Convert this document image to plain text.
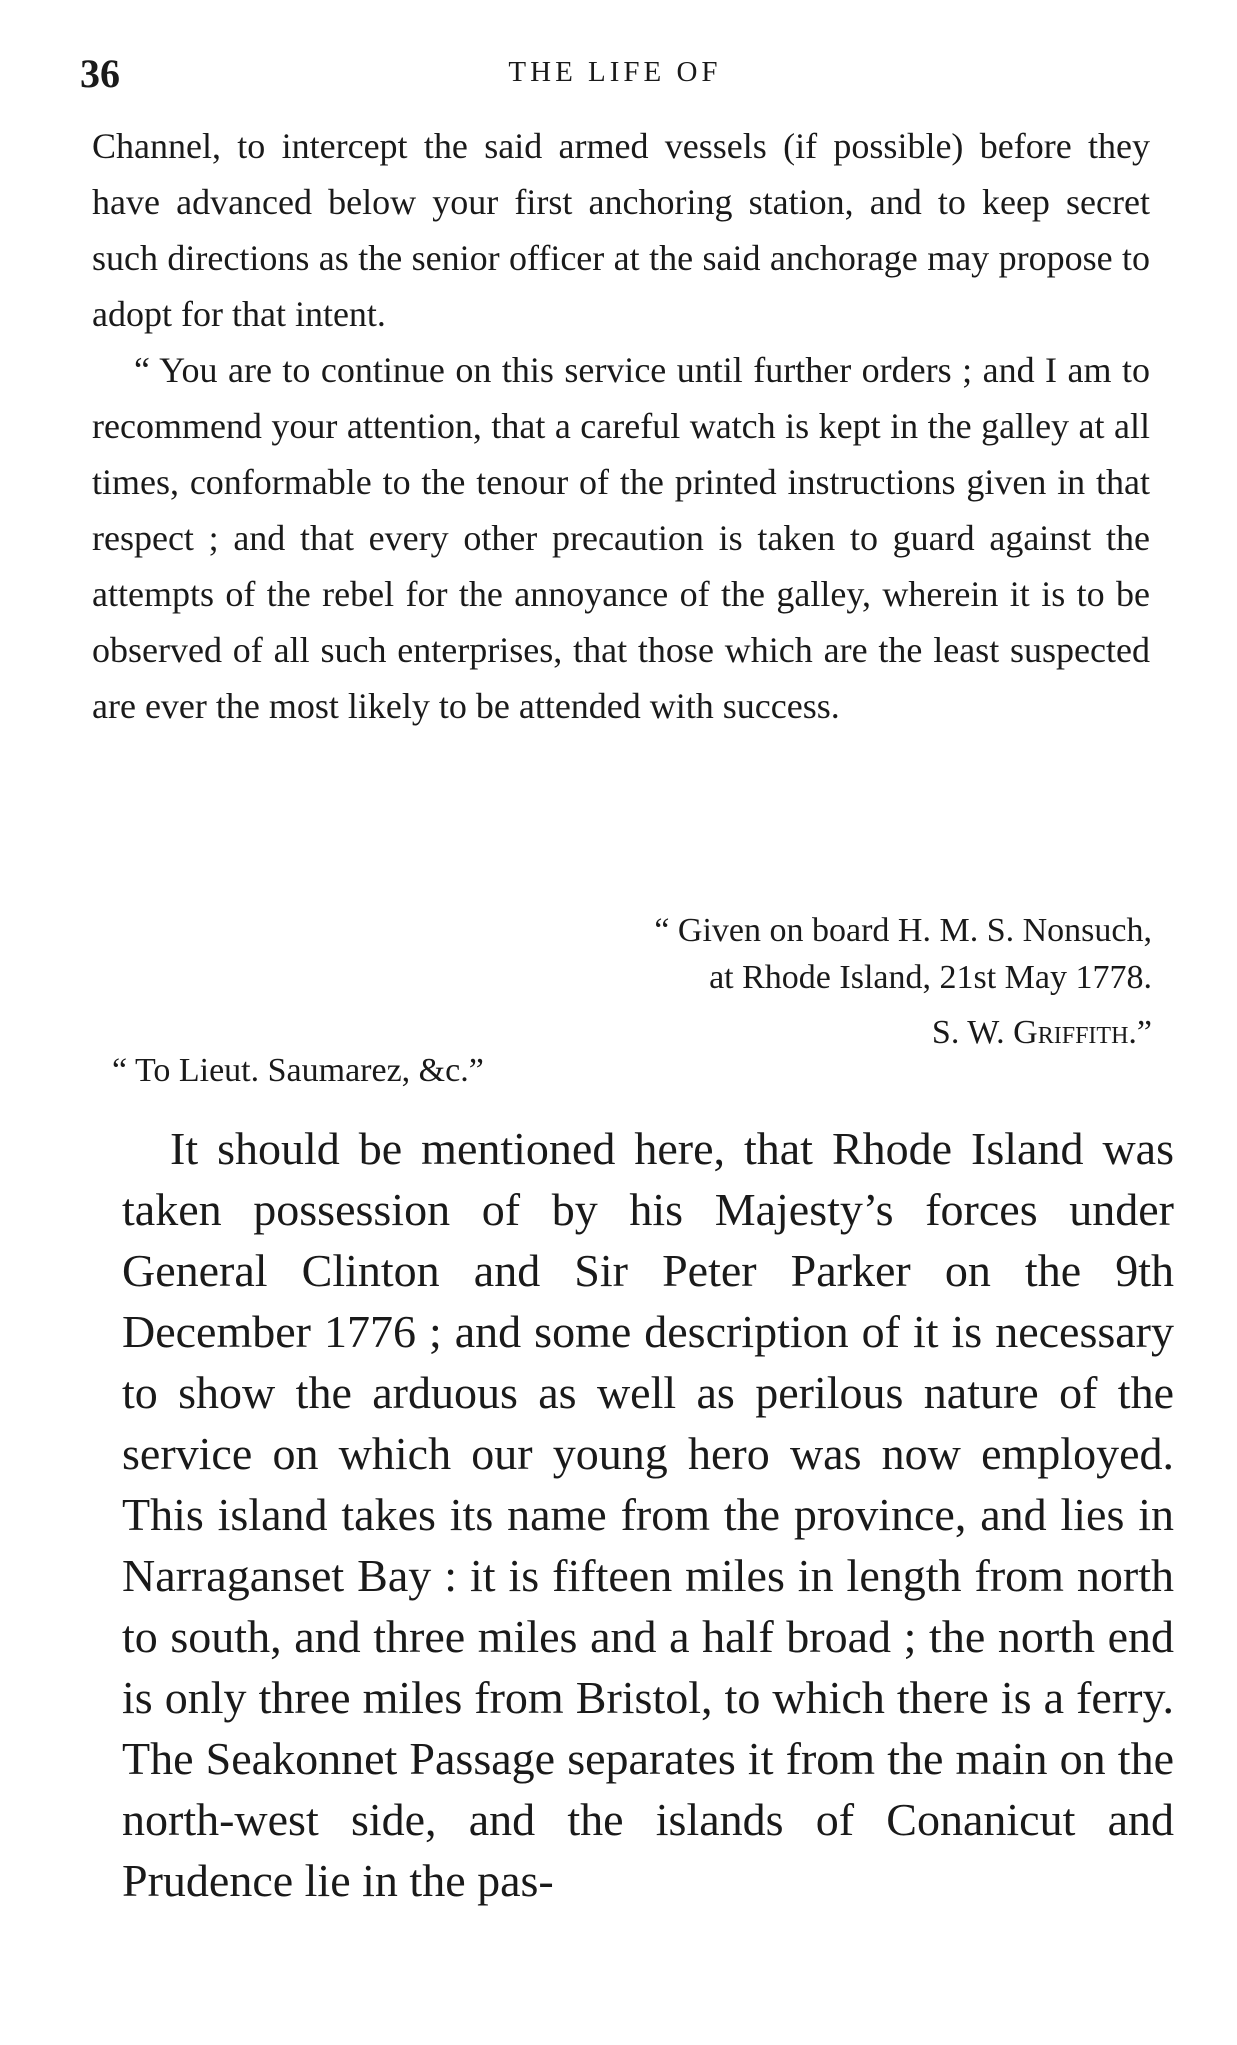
36	THE LIFE OF

Channel, to intercept the said armed vessels (if possible) before they have advanced below your first anchoring station, and to keep secret such directions as the senior officer at the said anchorage may propose to adopt for that intent.

“ You are to continue on this service until further orders ; and I am to recommend your attention, that a careful watch is kept in the galley at all times, conformable to the tenour of the printed instructions given in that respect ; and that every other precaution is taken to guard against the attempts of the rebel for the annoyance of the galley, wherein it is to be observed of all such enterprises, that those which are the least suspected are ever the most likely to be attended with success.

“ Given on board H. M. S. Nonsuch,
at Rhode Island, 21st May 1778.
S. W. Griffith.”
“ To Lieut. Saumarez, &c.”

It should be mentioned here, that Rhode Island was taken possession of by his Majesty’s forces under General Clinton and Sir Peter Parker on the 9th December 1776 ; and some description of it is necessary to show the arduous as well as perilous nature of the service on which our young hero was now employed. This island takes its name from the province, and lies in Narraganset Bay : it is fifteen miles in length from north to south, and three miles and a half broad ; the north end is only three miles from Bristol, to which there is a ferry. The Seakonnet Passage separates it from the main on the north-west side, and the islands of Conanicut and Prudence lie in the pas-
